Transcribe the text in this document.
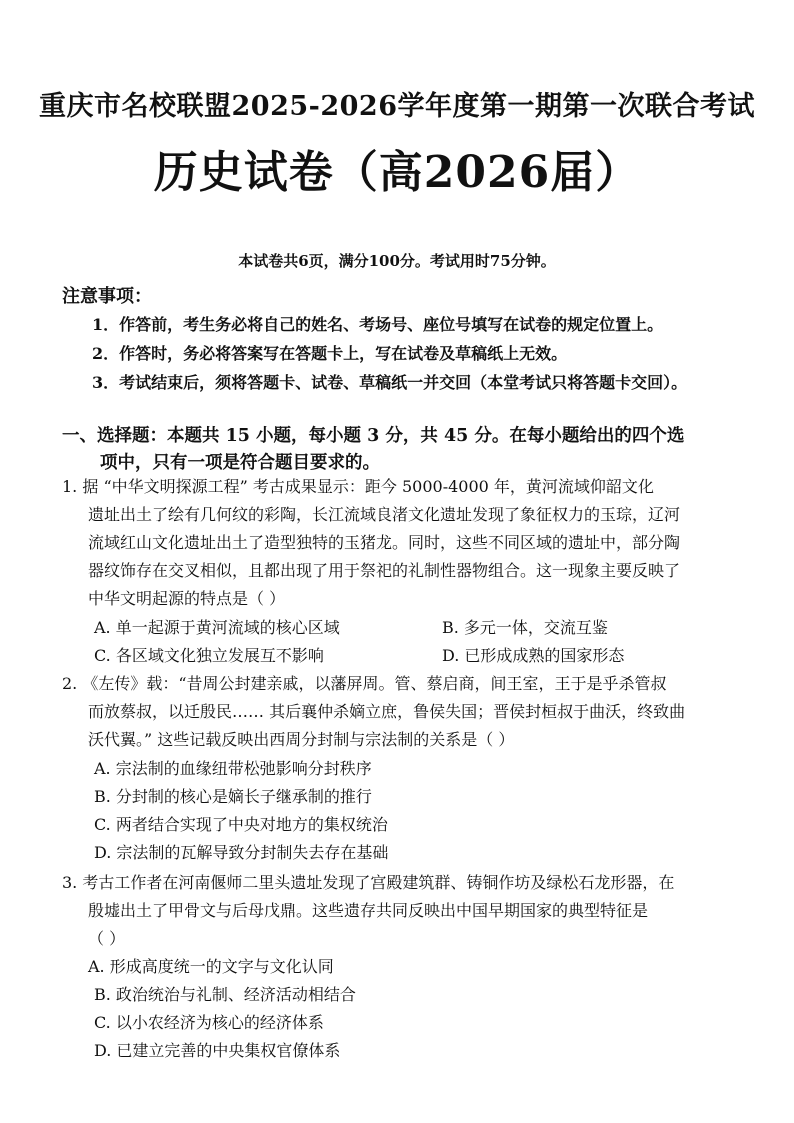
重庆市名校联盟2025-2026学年度第一期第一次联合考试
历史试卷（高2026届）
本试卷共6页，满分100分。考试用时75分钟。
注意事项：
1．作答前，考生务必将自己的姓名、考场号、座位号填写在试卷的规定位置上。
2．作答时，务必将答案写在答题卡上，写在试卷及草稿纸上无效。
3．考试结束后，须将答题卡、试卷、草稿纸一并交回（本堂考试只将答题卡交回）。
一、选择题：本题共 15 小题，每小题 3 分，共 45 分。在每小题给出的四个选
项中，只有一项是符合题目要求的。
1. 据 “中华文明探源工程” 考古成果显示：距今 5000-4000 年，黄河流域仰韶文化
遗址出土了绘有几何纹的彩陶，长江流域良渚文化遗址发现了象征权力的玉琮，辽河
流域红山文化遗址出土了造型独特的玉猪龙。同时，这些不同区域的遗址中，部分陶
器纹饰存在交叉相似，且都出现了用于祭祀的礼制性器物组合。这一现象主要反映了
中华文明起源的特点是（ ）
A. 单一起源于黄河流域的核心区域	B. 多元一体，交流互鉴
C. 各区域文化独立发展互不影响	D. 已形成成熟的国家形态
2. 《左传》载：“昔周公封建亲戚，以藩屏周。管、蔡启商，间王室，王于是乎杀管叔
而放蔡叔，以迁殷民…… 其后襄仲杀嫡立庶，鲁侯失国；晋侯封桓叔于曲沃，终致曲
沃代翼。” 这些记载反映出西周分封制与宗法制的关系是（ ）
A. 宗法制的血缘纽带松弛影响分封秩序
B. 分封制的核心是嫡长子继承制的推行
C. 两者结合实现了中央对地方的集权统治
D. 宗法制的瓦解导致分封制失去存在基础
3. 考古工作者在河南偃师二里头遗址发现了宫殿建筑群、铸铜作坊及绿松石龙形器，在
殷墟出土了甲骨文与后母戊鼎。这些遗存共同反映出中国早期国家的典型特征是
（ ）
A. 形成高度统一的文字与文化认同
B. 政治统治与礼制、经济活动相结合
C. 以小农经济为核心的经济体系
D. 已建立完善的中央集权官僚体系
